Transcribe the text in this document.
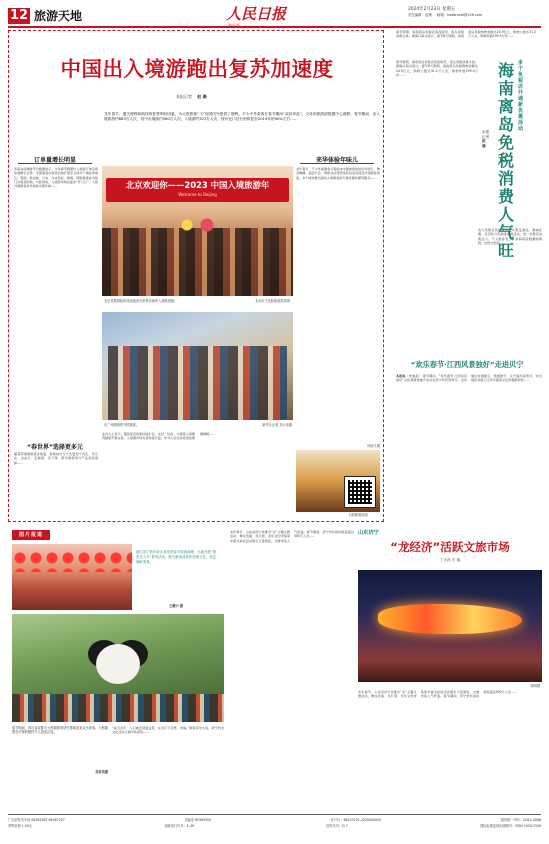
12 旅游天地	人民日报	2024年2月23日 星期五
责任编辑：赵珊 邮箱：hwbtravel@126.com
中国出入境游跑出复苏加速度
本报记者 赵 珊
龙年春节，通关便利和航线恢复等利好因素，为大批旅客“飞”向国内外提供了便利，不少中外游客在春节期间“双向奔赴”。文化和旅游部数据中心测算，春节期间，出入境旅游约683万人次，其中出境游约360万人次，入境游约323万人次，按可比口径分别恢复至2019年的90%左右……
订单量增长明显
多家在线旅游平台数据显示，今年春节假期出入境游订单呈现快速增长态势。中国游客出境目的地扩展至全球多个国家和地区，泰国、新加坡、日本、马来西亚、韩国、阿联酋等成为热门出境目的地。与此同时，入境游市场也迎来“开门红”，大批外国游客来华体验中国年味……
“春世界”选择更多元
随着跨境旅游逐步恢复，游客的出行方式更加个性化、多元化。自由行、定制游、亲子游、研学游等细分产品受到追捧……
北京欢迎你——2023 中国入境旅游年
Welcome to Beijing
北京首都国际机场迎接来自世界各地的入境旅游团。	北京市文化和旅游局供图
在广州旅游的外国游客。	新华社记者 刘大伟摄
业内人士表示，随着免签政策持续扩容，支付、住宿、交通等入境便利措施不断完善，入境游市场有望持续升温，中外人员往来将更加便捷顺畅……
来华体验年味儿
龙年春节，不少外国游客专程前来中国体验浓浓的年味儿。舞龙舞狮、庙会灯会、剪纸书法等传统民俗活动深受外国游客欢迎。多个城市推出面向入境游客的专属优惠和便利服务……
杨冠宇摄
扫码观看视频
春节假期，海南离岛免税店客流如织，离岛免税消费火热。据海口海关统计，春节8天假期，海南离岛免税购物金额达24.9亿元，购物人数达31.2万人次，购物件数199.3万件……
多个免税店开通新优惠活动
海南离岛免税消费人气旺
本报记者 赵 珊
春节假期，海南离岛免税店客流如织，离岛免税消费火热。据海口海关统计，春节8天假期，海南离岛免税购物金额达24.9亿元，购物人数达31.2万人次，购物件数199.3万件……
各大免税店纷纷推出龙年限定商品、满减优惠、会员积分兑换等促销活动，进一步激发消费活力。不少游客表示，来海南度假兼顾购物，性价比很高……
“欢乐春节·江西风景独好”走进贝宁
本报电（朱建美） 春节期间，“欢乐春节·江西风景独好”文化和旅游推介活动在贝宁科托努举行。活动通过非遗展示、旅游推介、文艺演出等形式，向当地民众展示江西丰富的文化和旅游资源……
图片报道
浙江省宁波市象山县迎来春节旅游高峰，当地开展“渔家过大年”系列活动，吸引游客前来体验渔文化，品尝海鲜美食。
王殿中 摄
春节期间，四川省成都市大熊猫繁育研究基地迎来众多游客，大熊猫憨态可掬的模样令人流连忘返。
吴苗苗摄
“每当龙年，人们就会回到这里，在龙灯下许愿、祈福。”游客李先生说，济宁的龙文化活动让他印象深刻……
龙年春节，山东省济宁市推出“龙”主题文旅活动，舞龙表演、龙灯展、龙年文创市集等丰富多彩的活动吸引大量游客，文旅市场人气旺盛。春节期间，济宁市共接待游客超过500万人次……
山东济宁
“龙经济”活跃文旅市场
丁永昌 乡 瑞
杨明摄
龙年春节，山东省济宁市推出“龙”主题文旅活动，舞龙表演、龙灯展、龙年文创市集等丰富多彩的活动吸引大量游客，文旅市场人气旺盛。春节期间，济宁市共接待游客超过500万人次……
广告部发布专线 65363567 66367257	总编室 65369300	开户行：66103101-2020000000	国内统一刊号：CN11-0068
零售价格 1.50元	邮政发行代号：1-49	国外代号：D 7	国际标准连续出版物号：ISSN 1000-7326
